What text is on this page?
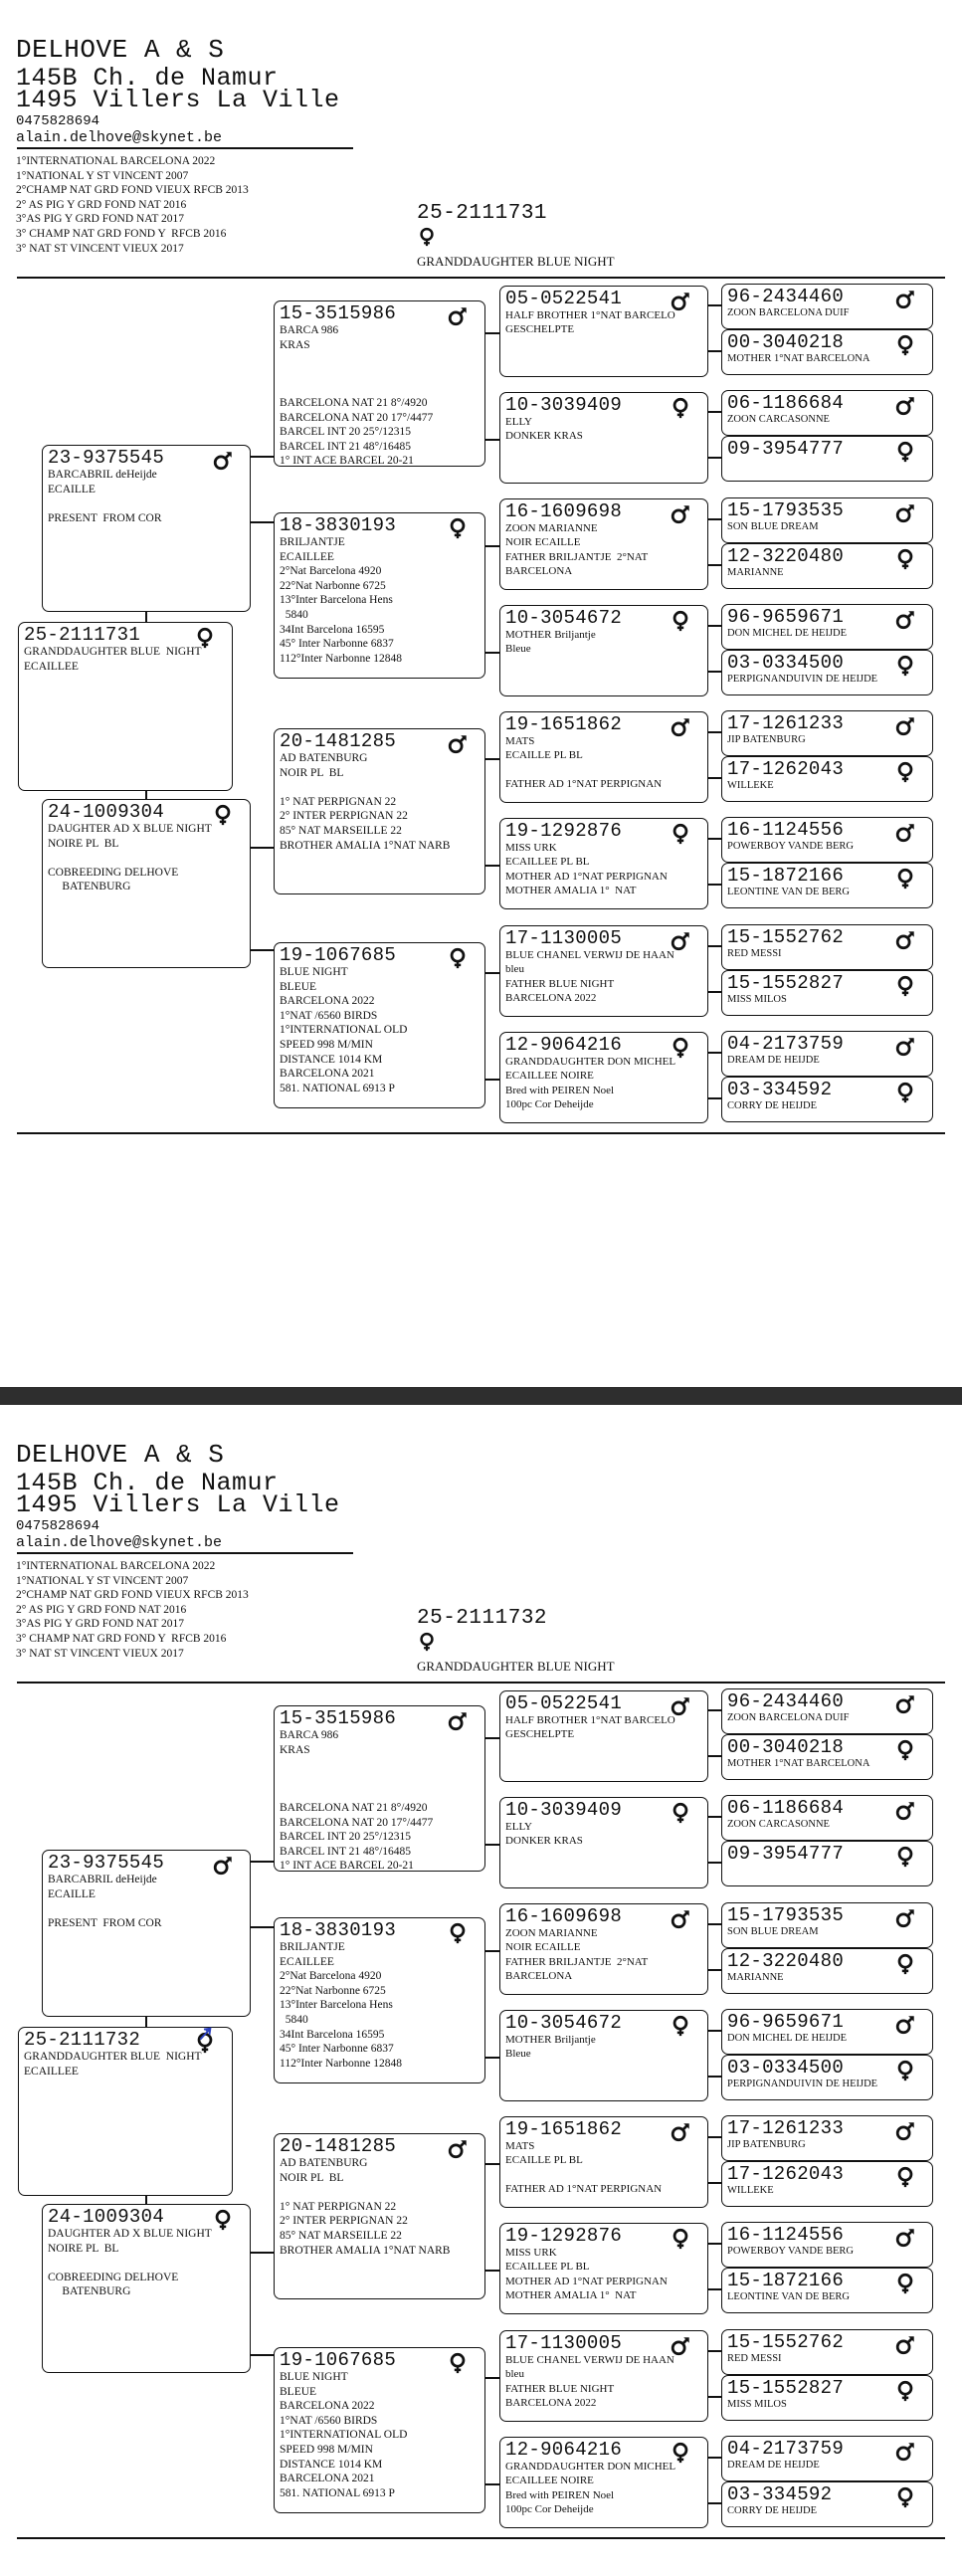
DELHOVE A & S
145B Ch. de Namur
1495 Villers La Ville
0475828694
alain.delhove@skynet.be
1°INTERNATIONAL BARCELONA 2022
1°NATIONAL Y ST VINCENT 2007
2°CHAMP NAT GRD FOND VIEUX RFCB 2013
2° AS PIG Y GRD FOND NAT 2016
3°AS PIG Y GRD FOND NAT 2017
3° CHAMP NAT GRD FOND Y  RFCB 2016
3° NAT ST VINCENT VIEUX 2017
25-2111731
GRANDDAUGHTER BLUE NIGHT
23-9375545
BARCABRIL deHeijde
ECAILLE

PRESENT  FROM COR
25-2111731
GRANDDAUGHTER BLUE  NIGHT
ECAILLEE
24-1009304
DAUGHTER AD X BLUE NIGHT
NOIRE PL  BL

COBREEDING DELHOVE
BATENBURG
15-3515986
BARCA 986
KRAS

BARCELONA NAT 21 8°/4920
BARCELONA NAT 20 17°/4477
BARCEL INT 20 25°/12315
BARCEL INT 21 48°/16485
1° INT ACE BARCEL 20-21
18-3830193
BRILJANTJE
ECAILLEE
2°Nat Barcelona 4920
22°Nat Narbonne 6725
13°Inter Barcelona Hens
5840
34Int Barcelona 16595
45° Inter Narbonne 6837
112°Inter Narbonne 12848
20-1481285
AD BATENBURG
NOIR PL  BL

1° NAT PERPIGNAN 22
2° INTER PERPIGNAN 22
85° NAT MARSEILLE 22
BROTHER AMALIA 1°NAT NARB
19-1067685
BLUE NIGHT
BLEUE
BARCELONA 2022
1°NAT /6560 BIRDS
1°INTERNATIONAL OLD
SPEED 998 M/MIN
DISTANCE 1014 KM
BARCELONA 2021
581. NATIONAL 6913 P
05-0522541
HALF BROTHER 1°NAT BARCELO
GESCHELPTE
10-3039409
ELLY
DONKER KRAS
16-1609698
ZOON MARIANNE
NOIR ECAILLE
FATHER BRILJANTJE  2°NAT
BARCELONA
10-3054672
MOTHER Briljantje
Bleue
19-1651862
MATS
ECAILLE PL BL

FATHER AD 1°NAT PERPIGNAN
19-1292876
MISS URK
ECAILLEE PL BL
MOTHER AD 1°NAT PERPIGNAN
MOTHER AMALIA 1°  NAT
17-1130005
BLUE CHANEL VERWIJ DE HAAN
bleu
FATHER BLUE NIGHT
BARCELONA 2022
12-9064216
GRANDDAUGHTER DON MICHEL
ECAILLEE NOIRE
Bred with PEIREN Noel
100pc Cor Deheijde
96-2434460
ZOON BARCELONA DUIF
00-3040218
MOTHER 1°NAT BARCELONA
06-1186684
ZOON CARCASONNE
09-3954777
15-1793535
SON BLUE DREAM
12-3220480
MARIANNE
96-9659671
DON MICHEL DE HEIJDE
03-0334500
PERPIGNANDUIVIN DE HEIJDE
17-1261233
JIP BATENBURG
17-1262043
WILLEKE
16-1124556
POWERBOY VANDE BERG
15-1872166
LEONTINE VAN DE BERG
15-1552762
RED MESSI
15-1552827
MISS MILOS
04-2173759
DREAM DE HEIJDE
03-334592
CORRY DE HEIJDE
DELHOVE A & S
145B Ch. de Namur
1495 Villers La Ville
0475828694
alain.delhove@skynet.be
1°INTERNATIONAL BARCELONA 2022
1°NATIONAL Y ST VINCENT 2007
2°CHAMP NAT GRD FOND VIEUX RFCB 2013
2° AS PIG Y GRD FOND NAT 2016
3°AS PIG Y GRD FOND NAT 2017
3° CHAMP NAT GRD FOND Y  RFCB 2016
3° NAT ST VINCENT VIEUX 2017
25-2111732
GRANDDAUGHTER BLUE NIGHT
23-9375545
BARCABRIL deHeijde
ECAILLE

PRESENT  FROM COR
25-2111732
GRANDDAUGHTER BLUE  NIGHT
ECAILLEE
24-1009304
DAUGHTER AD X BLUE NIGHT
NOIRE PL  BL

COBREEDING DELHOVE
BATENBURG
15-3515986
BARCA 986
KRAS

BARCELONA NAT 21 8°/4920
BARCELONA NAT 20 17°/4477
BARCEL INT 20 25°/12315
BARCEL INT 21 48°/16485
1° INT ACE BARCEL 20-21
18-3830193
BRILJANTJE
ECAILLEE
2°Nat Barcelona 4920
22°Nat Narbonne 6725
13°Inter Barcelona Hens
5840
34Int Barcelona 16595
45° Inter Narbonne 6837
112°Inter Narbonne 12848
20-1481285
AD BATENBURG
NOIR PL  BL

1° NAT PERPIGNAN 22
2° INTER PERPIGNAN 22
85° NAT MARSEILLE 22
BROTHER AMALIA 1°NAT NARB
19-1067685
BLUE NIGHT
BLEUE
BARCELONA 2022
1°NAT /6560 BIRDS
1°INTERNATIONAL OLD
SPEED 998 M/MIN
DISTANCE 1014 KM
BARCELONA 2021
581. NATIONAL 6913 P
05-0522541
HALF BROTHER 1°NAT BARCELO
GESCHELPTE
10-3039409
ELLY
DONKER KRAS
16-1609698
ZOON MARIANNE
NOIR ECAILLE
FATHER BRILJANTJE  2°NAT
BARCELONA
10-3054672
MOTHER Briljantje
Bleue
19-1651862
MATS
ECAILLE PL BL

FATHER AD 1°NAT PERPIGNAN
19-1292876
MISS URK
ECAILLEE PL BL
MOTHER AD 1°NAT PERPIGNAN
MOTHER AMALIA 1°  NAT
17-1130005
BLUE CHANEL VERWIJ DE HAAN
bleu
FATHER BLUE NIGHT
BARCELONA 2022
12-9064216
GRANDDAUGHTER DON MICHEL
ECAILLEE NOIRE
Bred with PEIREN Noel
100pc Cor Deheijde
96-2434460
ZOON BARCELONA DUIF
00-3040218
MOTHER 1°NAT BARCELONA
06-1186684
ZOON CARCASONNE
09-3954777
15-1793535
SON BLUE DREAM
12-3220480
MARIANNE
96-9659671
DON MICHEL DE HEIJDE
03-0334500
PERPIGNANDUIVIN DE HEIJDE
17-1261233
JIP BATENBURG
17-1262043
WILLEKE
16-1124556
POWERBOY VANDE BERG
15-1872166
LEONTINE VAN DE BERG
15-1552762
RED MESSI
15-1552827
MISS MILOS
04-2173759
DREAM DE HEIJDE
03-334592
CORRY DE HEIJDE
